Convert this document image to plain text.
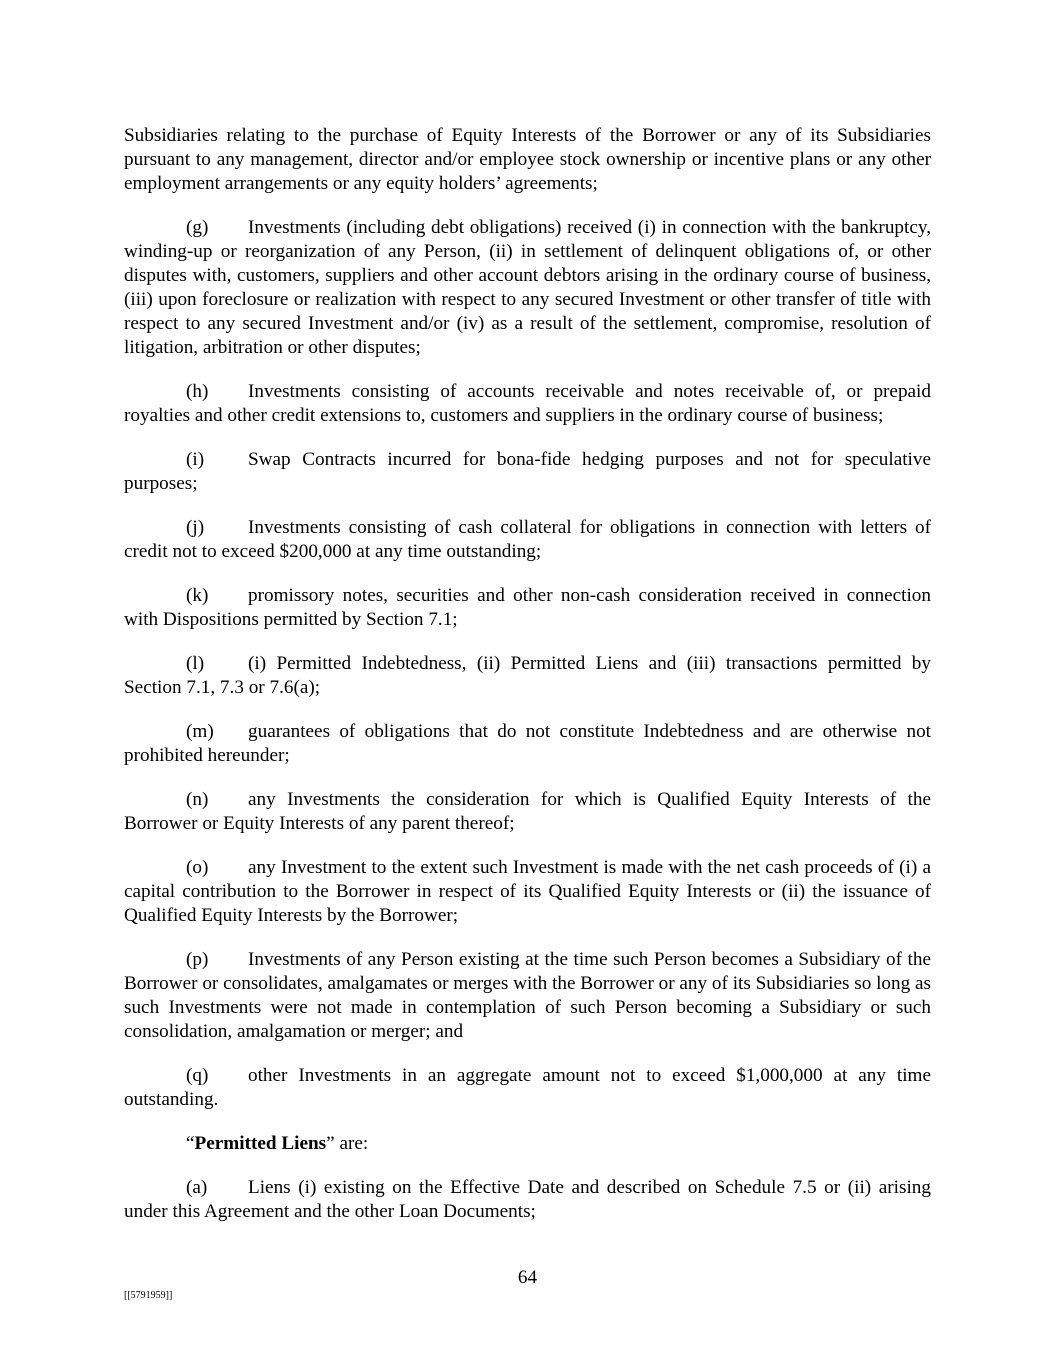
Subsidiaries relating to the purchase of Equity Interests of the Borrower or any of its Subsidiaries pursuant to any management, director and/or employee stock ownership or incentive plans or any other employment arrangements or any equity holders’ agreements;

(g) Investments (including debt obligations) received (i) in connection with the bankruptcy, winding-up or reorganization of any Person, (ii) in settlement of delinquent obligations of, or other disputes with, customers, suppliers and other account debtors arising in the ordinary course of business, (iii) upon foreclosure or realization with respect to any secured Investment or other transfer of title with respect to any secured Investment and/or (iv) as a result of the settlement, compromise, resolution of litigation, arbitration or other disputes;

(h) Investments consisting of accounts receivable and notes receivable of, or prepaid royalties and other credit extensions to, customers and suppliers in the ordinary course of business;

(i) Swap Contracts incurred for bona-fide hedging purposes and not for speculative purposes;

(j) Investments consisting of cash collateral for obligations in connection with letters of credit not to exceed $200,000 at any time outstanding;

(k) promissory notes, securities and other non-cash consideration received in connection with Dispositions permitted by Section 7.1;

(l) (i) Permitted Indebtedness, (ii) Permitted Liens and (iii) transactions permitted by Section 7.1, 7.3 or 7.6(a);

(m) guarantees of obligations that do not constitute Indebtedness and are otherwise not prohibited hereunder;

(n) any Investments the consideration for which is Qualified Equity Interests of the Borrower or Equity Interests of any parent thereof;

(o) any Investment to the extent such Investment is made with the net cash proceeds of (i) a capital contribution to the Borrower in respect of its Qualified Equity Interests or (ii) the issuance of Qualified Equity Interests by the Borrower;

(p) Investments of any Person existing at the time such Person becomes a Subsidiary of the Borrower or consolidates, amalgamates or merges with the Borrower or any of its Subsidiaries so long as such Investments were not made in contemplation of such Person becoming a Subsidiary or such consolidation, amalgamation or merger; and

(q) other Investments in an aggregate amount not to exceed $1,000,000 at any time outstanding.

“Permitted Liens” are:

(a) Liens (i) existing on the Effective Date and described on Schedule 7.5 or (ii) arising under this Agreement and the other Loan Documents;

64
[[5791959]]
